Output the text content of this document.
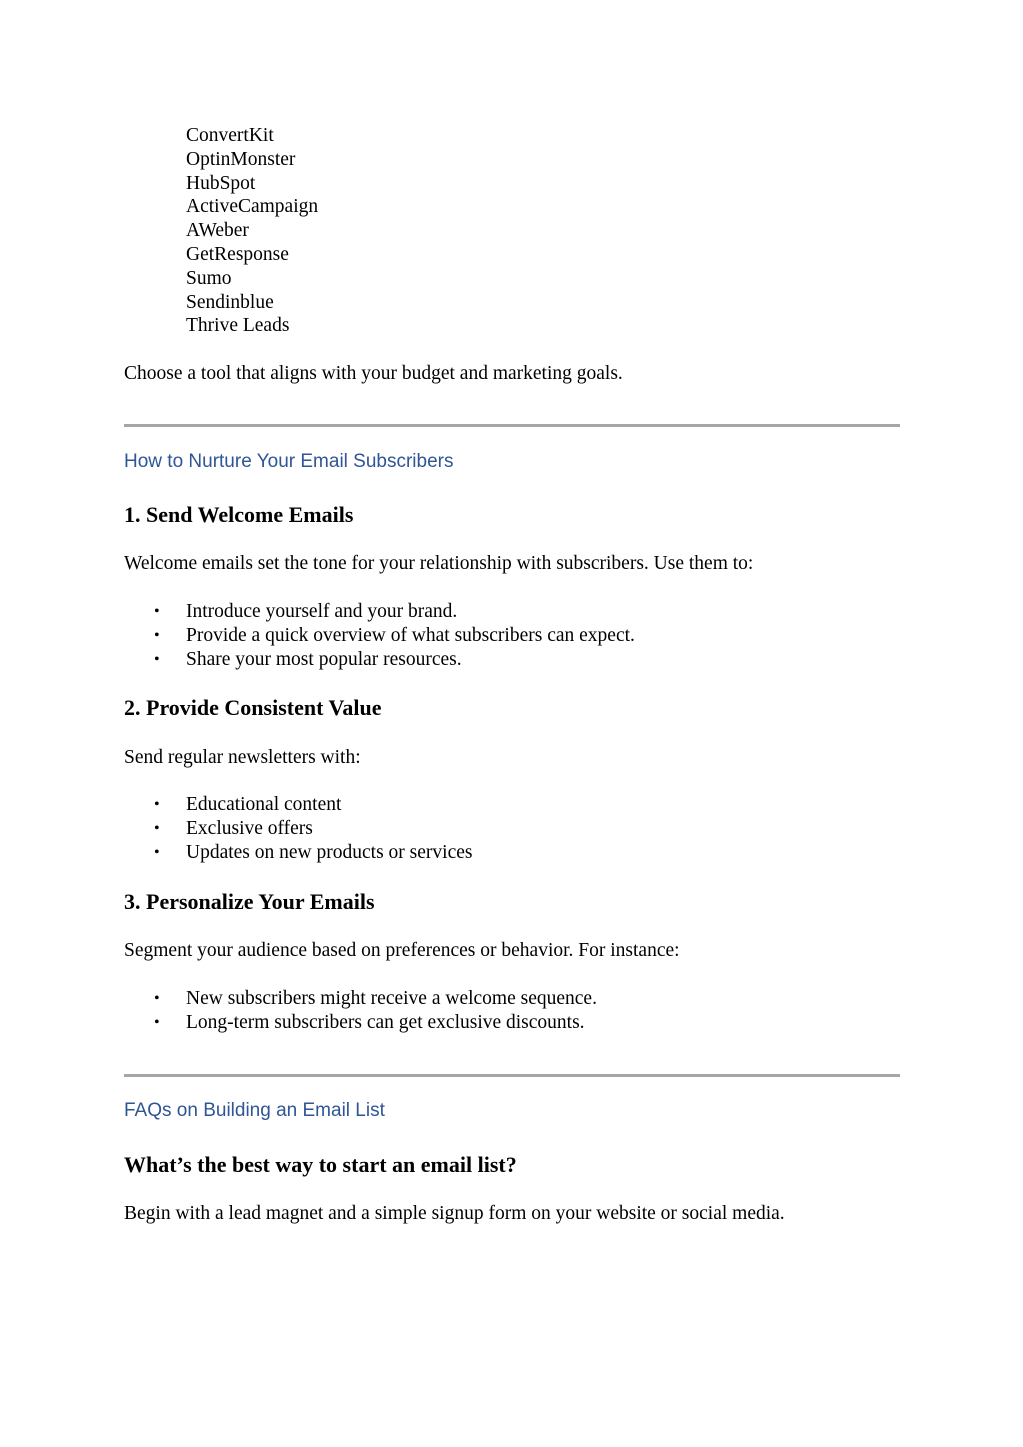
ConvertKit
OptinMonster
HubSpot
ActiveCampaign
AWeber
GetResponse
Sumo
Sendinblue
Thrive Leads
Choose a tool that aligns with your budget and marketing goals.
How to Nurture Your Email Subscribers
1. Send Welcome Emails
Welcome emails set the tone for your relationship with subscribers. Use them to:
• Introduce yourself and your brand.
• Provide a quick overview of what subscribers can expect.
• Share your most popular resources.
2. Provide Consistent Value
Send regular newsletters with:
• Educational content
• Exclusive offers
• Updates on new products or services
3. Personalize Your Emails
Segment your audience based on preferences or behavior. For instance:
• New subscribers might receive a welcome sequence.
• Long-term subscribers can get exclusive discounts.
FAQs on Building an Email List
What’s the best way to start an email list?
Begin with a lead magnet and a simple signup form on your website or social media.
